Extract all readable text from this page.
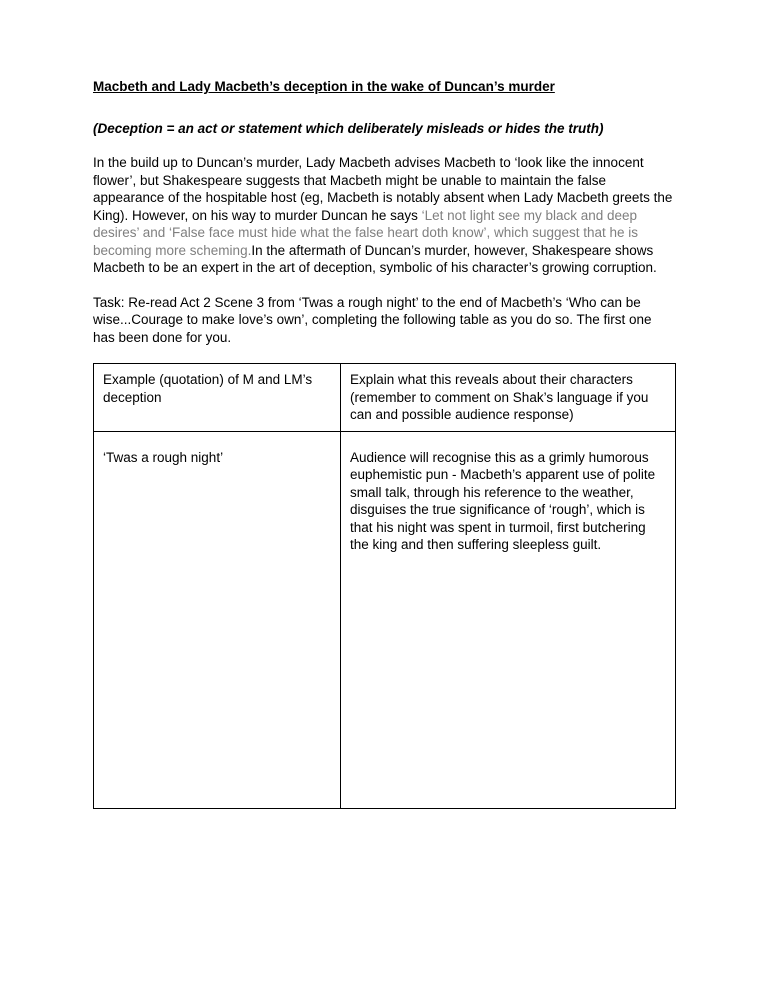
Macbeth and Lady Macbeth’s deception in the wake of Duncan’s murder

(Deception = an act or statement which deliberately misleads or hides the truth)

In the build up to Duncan’s murder, Lady Macbeth advises Macbeth to ‘look like the innocent flower’, but Shakespeare suggests that Macbeth might be unable to maintain the false appearance of the hospitable host (eg, Macbeth is notably absent when Lady Macbeth greets the King). However, on his way to murder Duncan he says ‘Let not light see my black and deep desires’ and ‘False face must hide what the false heart doth know’, which suggest that he is becoming more scheming.In the aftermath of Duncan’s murder, however, Shakespeare shows Macbeth to be an expert in the art of deception, symbolic of his character’s growing corruption.

Task: Re-read Act 2 Scene 3 from ‘Twas a rough night’ to the end of Macbeth’s ‘Who can be wise...Courage to make love’s own’, completing the following table as you do so. The first one has been done for you.

Example (quotation) of M and LM’s deception	Explain what this reveals about their characters (remember to comment on Shak’s language if you can and possible audience response)
‘Twas a rough night’	Audience will recognise this as a grimly humorous euphemistic pun - Macbeth’s apparent use of polite small talk, through his reference to the weather, disguises the true significance of ‘rough’, which is that his night was spent in turmoil, first butchering the king and then suffering sleepless guilt.
